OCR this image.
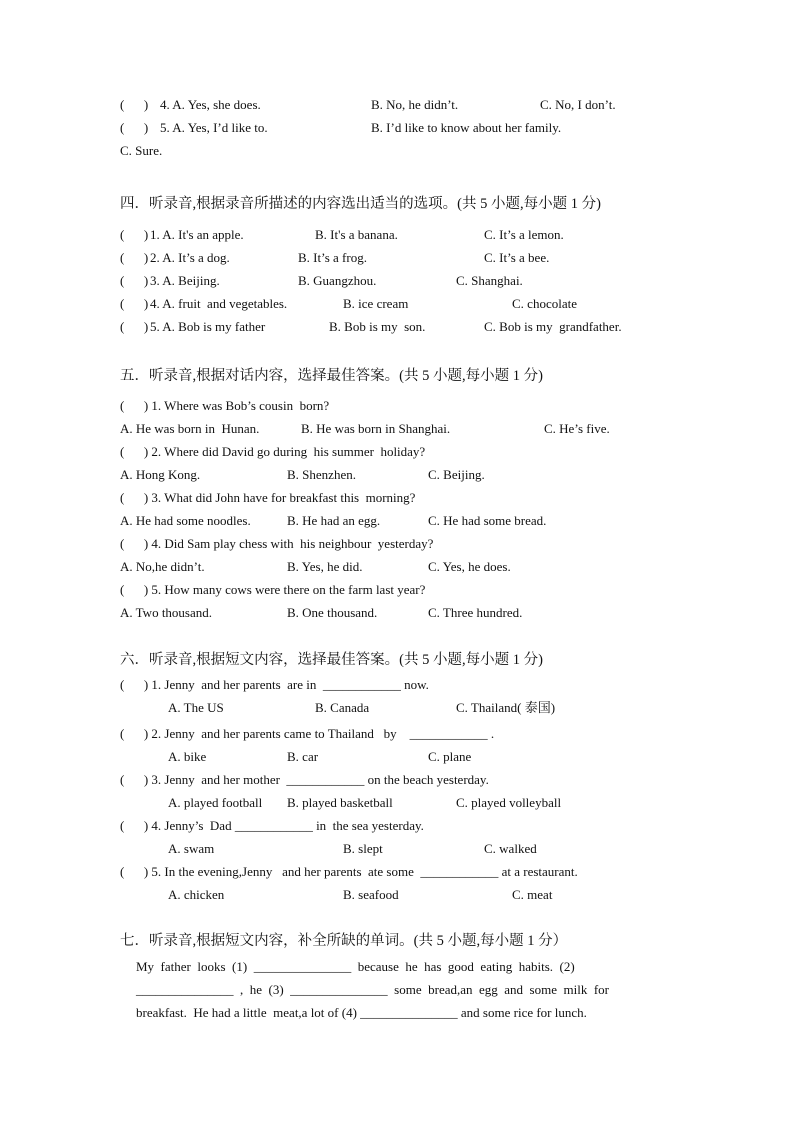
(      ) 4. A. Yes, she does.	B. No, he didn’t.	C. No, I don’t.
(      ) 5. A. Yes, I’d like to.	B. I’d like to know about her family.
C. Sure.
四．听录音,根据录音所描述的内容选出适当的选项。(共 5 小题,每小题 1 分)
(      ) 1. A. It's an apple.	B. It's a banana.	C. It’s a lemon.
(      ) 2. A. It’s a dog.	B. It’s a frog.	C. It’s a bee.
(      ) 3. A. Beijing.	B. Guangzhou.	C. Shanghai.
(      ) 4. A. fruit  and vegetables.	B. ice cream	C. chocolate
(      ) 5. A. Bob is my father	B. Bob is my  son.	C. Bob is my  grandfather.
五．听录音,根据对话内容，选择最佳答案。(共 5 小题,每小题 1 分)
(      ) 1. Where was Bob’s cousin  born?
A. He was born in  Hunan.	B. He was born in Shanghai.	C. He’s five.
(      ) 2. Where did David go during  his summer  holiday?
A. Hong Kong.	B. Shenzhen.	C. Beijing.
(      ) 3. What did John have for breakfast this  morning?
A. He had some noodles.	B. He had an egg.	C. He had some bread.
(      ) 4. Did Sam play chess with  his neighbour  yesterday?
A. No,he didn’t.	B. Yes, he did.	C. Yes, he does.
(      ) 5. How many cows were there on the farm last year?
A. Two thousand.	B. One thousand.	C. Three hundred.
六．听录音,根据短文内容，选择最佳答案。(共 5 小题,每小题 1 分)
(      ) 1. Jenny  and her parents  are in  ____________ now.
A. The US	B. Canada	C. Thailand( 泰国)
(      ) 2. Jenny  and her parents came to Thailand   by    ____________ .
A. bike	B. car	C. plane
(      ) 3. Jenny  and her mother  ____________ on the beach yesterday.
A. played football B. played basketball	C. played volleyball
(      ) 4. Jenny’s  Dad ____________ in  the sea yesterday.
A. swam	B. slept	C. walked
(      ) 5. In the evening,Jenny   and her parents  ate some  ____________ at a restaurant.
A. chicken	B. seafood	C. meat
七．听录音,根据短文内容，补全所缺的单词。(共 5 小题,每小题 1 分）
My  father  looks  (1)  _______________  because  he  has  good  eating  habits.  (2)
_______________  ,  he  (3)  _______________  some  bread,an  egg  and  some  milk  for
breakfast.  He had a little  meat,a lot of (4) _______________ and some rice for lunch.
